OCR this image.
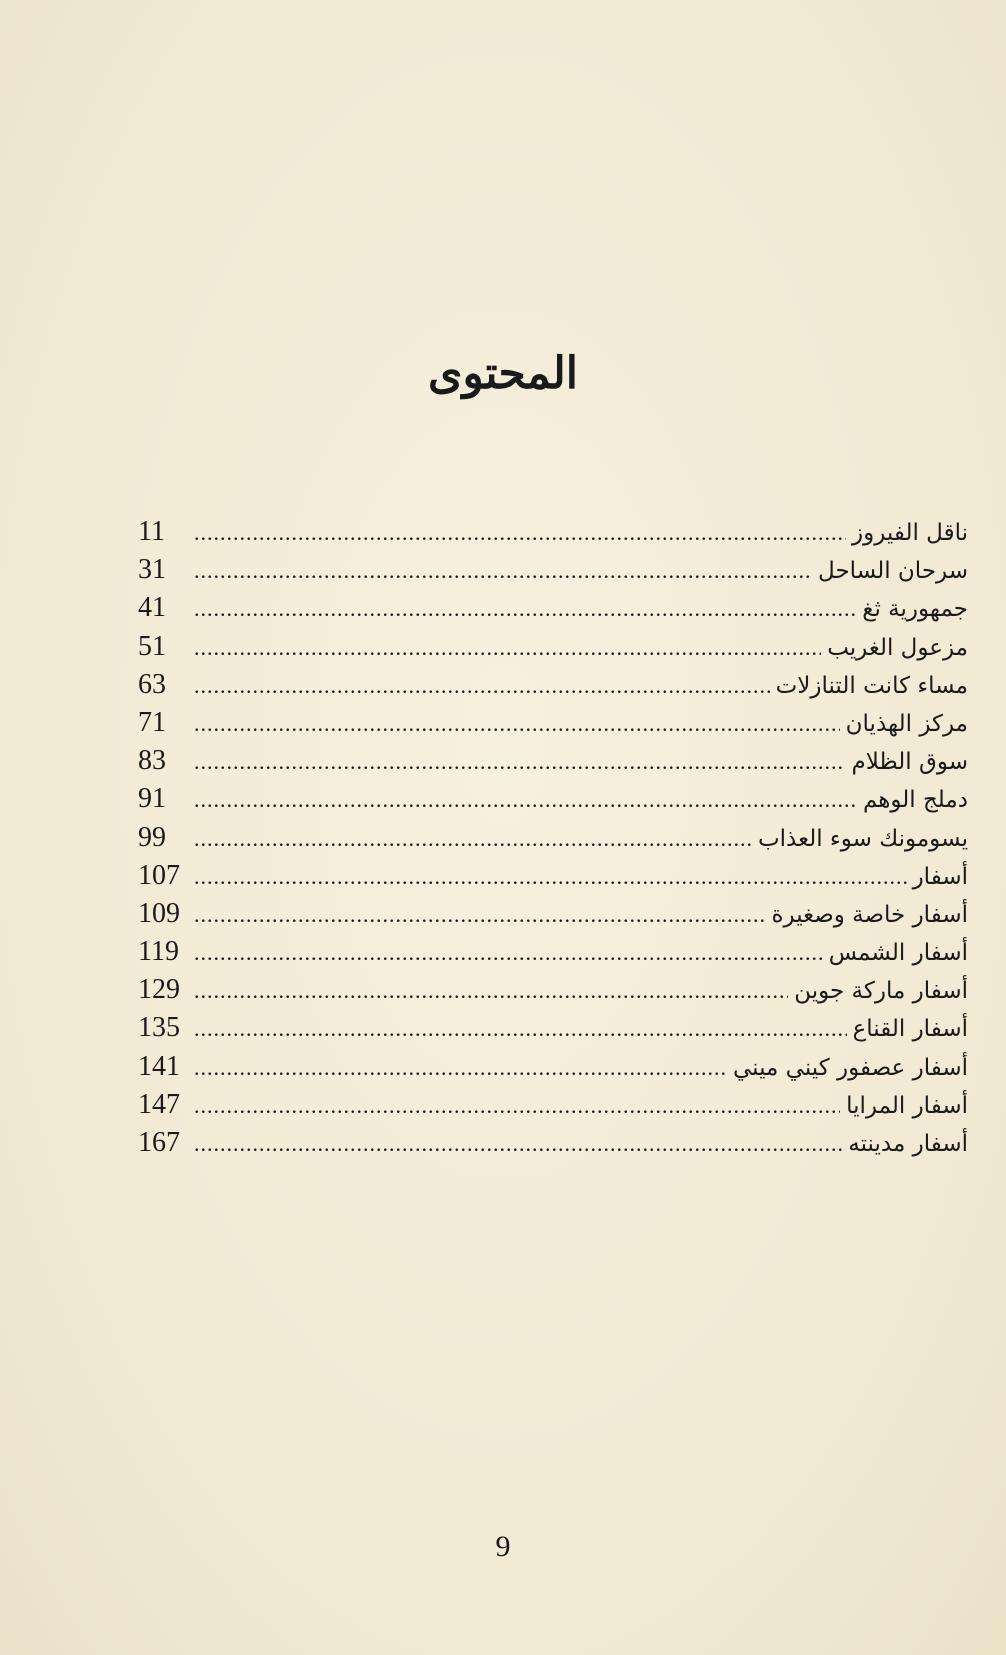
المحتوى
ناقل الفيروز
.....
11
سرحان الساحل
.....
31
جمهورية ثغ
.....
41
مزعول الغريب
.....
51
مساء كانت التنازلات
.....
63
مركز الهذيان
.....
71
سوق الظلام
.....
83
دملج الوهم
.....
91
يسومونك سوء العذاب
.....
99
أسفار
.....
107
أسفار خاصة وصغيرة
.....
109
أسفار الشمس
.....
119
أسفار ماركة جوين
.....
129
أسفار القناع
.....
135
أسفار عصفور كيني ميني
.....
141
أسفار المرايا
.....
147
أسفار مدينته
.....
167
9
